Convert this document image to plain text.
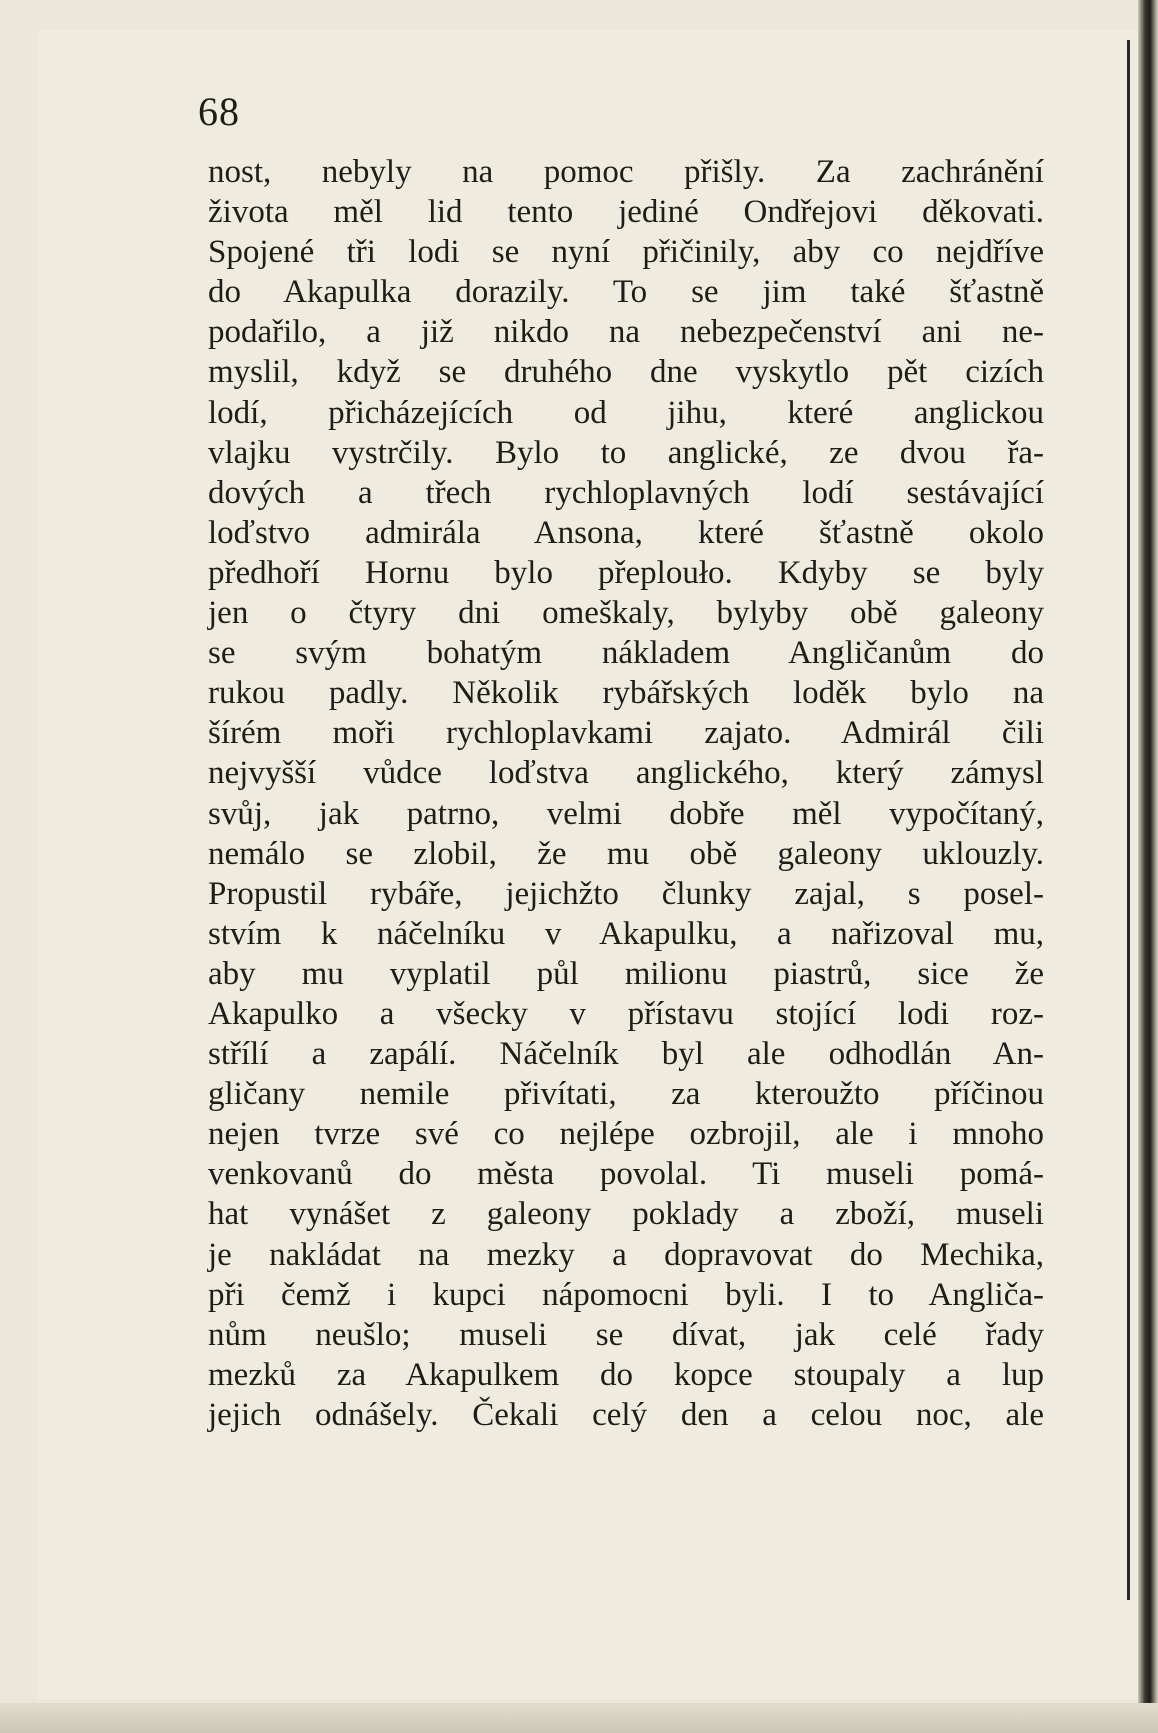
68
nost, nebyly na pomoc přišly. Za zachránění
života měl lid tento jediné Ondřejovi děkovati.
Spojené tři lodi se nyní přičinily, aby co nejdříve
do Akapulka dorazily. To se jim také šťastně
podařilo, a již nikdo na nebezpečenství ani ne-
myslil, když se druhého dne vyskytlo pět cizích
lodí, přicházejících od jihu, které anglickou
vlajku vystrčily. Bylo to anglické, ze dvou řa-
dových a třech rychloplavných lodí sestávající
loďstvo admirála Ansona, které šťastně okolo
předhoří Hornu bylo přeplouło. Kdyby se byly
jen o čtyry dni omeškaly, bylyby obě galeony
se svým bohatým nákladem Angličanům do
rukou padly. Několik rybářských loděk bylo na
šírém moři rychloplavkami zajato. Admirál čili
nejvyšší vůdce loďstva anglického, který zámysl
svůj, jak patrno, velmi dobře měl vypočítaný,
nemálo se zlobil, že mu obě galeony uklouzly.
Propustil rybáře, jejichžto člunky zajal, s posel-
stvím k náčelníku v Akapulku, a nařizoval mu,
aby mu vyplatil půl milionu piastrů, sice že
Akapulko a všecky v přístavu stojící lodi roz-
střílí a zapálí. Náčelník byl ale odhodlán An-
gličany nemile přivítati, za kteroužto příčinou
nejen tvrze své co nejlépe ozbrojil, ale i mnoho
venkovanů do města povolal. Ti museli pomá-
hat vynášet z galeony poklady a zboží, museli
je nakládat na mezky a dopravovat do Mechika,
při čemž i kupci nápomocni byli. I to Angliča-
nům neušlo; museli se dívat, jak celé řady
mezků za Akapulkem do kopce stoupaly a lup
jejich odnášely. Čekali celý den a celou noc, ale
